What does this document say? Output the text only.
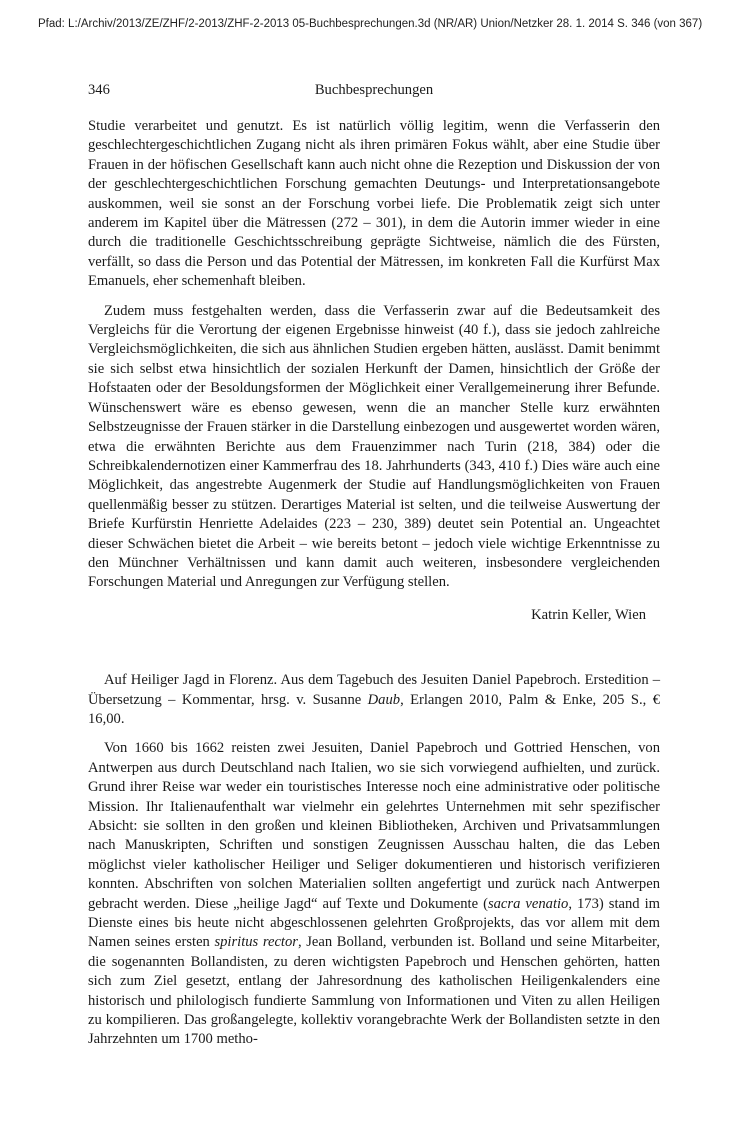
Pfad: L:/Archiv/2013/ZE/ZHF/2-2013/ZHF-2-2013 05-Buchbesprechungen.3d (NR/AR) Union/Netzker 28. 1. 2014 S. 346 (von 367)
346	Buchbesprechungen

Studie verarbeitet und genutzt. Es ist natürlich völlig legitim, wenn die Verfasserin den geschlechtergeschichtlichen Zugang nicht als ihren primären Fokus wählt, aber eine Studie über Frauen in der höfischen Gesellschaft kann auch nicht ohne die Rezeption und Diskussion der von der geschlechtergeschichtlichen Forschung gemachten Deutungs- und Interpretationsangebote auskommen, weil sie sonst an der Forschung vorbei liefe. Die Problematik zeigt sich unter anderem im Kapitel über die Mätressen (272 – 301), in dem die Autorin immer wieder in eine durch die traditionelle Geschichtsschreibung geprägte Sichtweise, nämlich die des Fürsten, verfällt, so dass die Person und das Potential der Mätressen, im konkreten Fall die Kurfürst Max Emanuels, eher schemenhaft bleiben.

Zudem muss festgehalten werden, dass die Verfasserin zwar auf die Bedeutsamkeit des Vergleichs für die Verortung der eigenen Ergebnisse hinweist (40 f.), dass sie jedoch zahlreiche Vergleichsmöglichkeiten, die sich aus ähnlichen Studien ergeben hätten, auslässt. Damit benimmt sie sich selbst etwa hinsichtlich der sozialen Herkunft der Damen, hinsichtlich der Größe der Hofstaaten oder der Besoldungsformen der Möglichkeit einer Verallgemeinerung ihrer Befunde. Wünschenswert wäre es ebenso gewesen, wenn die an mancher Stelle kurz erwähnten Selbstzeugnisse der Frauen stärker in die Darstellung einbezogen und ausgewertet worden wären, etwa die erwähnten Berichte aus dem Frauenzimmer nach Turin (218, 384) oder die Schreibkalendernotizen einer Kammerfrau des 18. Jahrhunderts (343, 410 f.) Dies wäre auch eine Möglichkeit, das angestrebte Augenmerk der Studie auf Handlungsmöglichkeiten von Frauen quellenmäßig besser zu stützen. Derartiges Material ist selten, und die teilweise Auswertung der Briefe Kurfürstin Henriette Adelaides (223 – 230, 389) deutet sein Potential an. Ungeachtet dieser Schwächen bietet die Arbeit – wie bereits betont – jedoch viele wichtige Erkenntnisse zu den Münchner Verhältnissen und kann damit auch weiteren, insbesondere vergleichenden Forschungen Material und Anregungen zur Verfügung stellen.

Katrin Keller, Wien

Auf Heiliger Jagd in Florenz. Aus dem Tagebuch des Jesuiten Daniel Papebroch. Erstedition – Übersetzung – Kommentar, hrsg. v. Susanne Daub, Erlangen 2010, Palm & Enke, 205 S., € 16,00.

Von 1660 bis 1662 reisten zwei Jesuiten, Daniel Papebroch und Gottried Henschen, von Antwerpen aus durch Deutschland nach Italien, wo sie sich vorwiegend aufhielten, und zurück. Grund ihrer Reise war weder ein touristisches Interesse noch eine administrative oder politische Mission. Ihr Italienaufenthalt war vielmehr ein gelehrtes Unternehmen mit sehr spezifischer Absicht: sie sollten in den großen und kleinen Bibliotheken, Archiven und Privatsammlungen nach Manuskripten, Schriften und sonstigen Zeugnissen Ausschau halten, die das Leben möglichst vieler katholischer Heiliger und Seliger dokumentieren und historisch verifizieren konnten. Abschriften von solchen Materialien sollten angefertigt und zurück nach Antwerpen gebracht werden. Diese „heilige Jagd“ auf Texte und Dokumente (sacra venatio, 173) stand im Dienste eines bis heute nicht abgeschlossenen gelehrten Großprojekts, das vor allem mit dem Namen seines ersten spiritus rector, Jean Bolland, verbunden ist. Bolland und seine Mitarbeiter, die sogenannten Bollandisten, zu deren wichtigsten Papebroch und Henschen gehörten, hatten sich zum Ziel gesetzt, entlang der Jahresordnung des katholischen Heiligenkalenders eine historisch und philologisch fundierte Sammlung von Informationen und Viten zu allen Heiligen zu kompilieren. Das großangelegte, kollektiv vorangebrachte Werk der Bollandisten setzte in den Jahrzehnten um 1700 metho-
